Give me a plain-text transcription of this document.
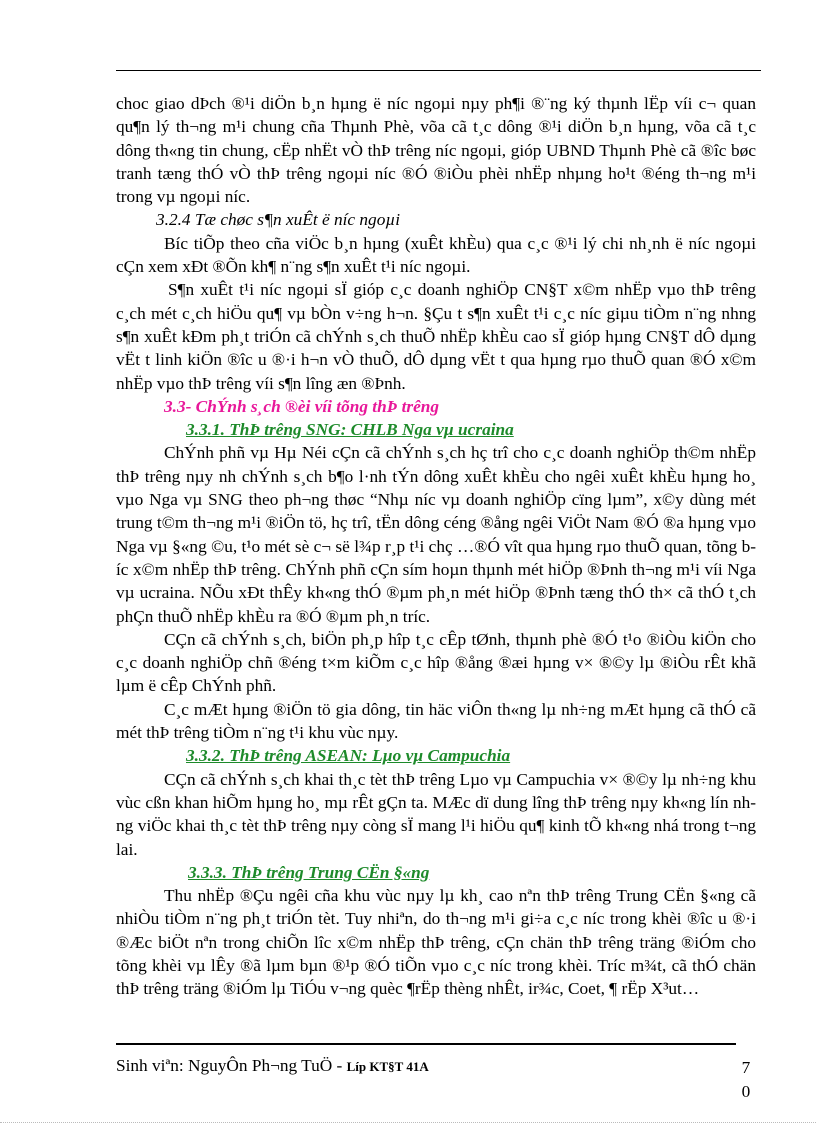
choc giao dÞch ®¹i diÖn b¸n hµng ë níc ngoµi nµy ph¶i ®¨ng ký thµnh lËp víi c¬ quan qu¶n lý th¬ng m¹i chung cña Thµnh Phè, võa cã t¸c dông ®¹i diÖn b¸n hµng, võa cã t¸c dông th«ng tin chung, cËp nhËt vÒ thÞ trêng níc ngoµi, gióp UBND Thµnh Phè cã ®îc bøc tranh tæng thÓ vÒ thÞ trêng ngoµi níc ®Ó ®iÒu phèi nhËp nhµng ho¹t ®éng th¬ng m¹i trong vµ ngoµi níc.

3.2.4 Tæ chøc s¶n xuÊt ë níc ngoµi

Bíc tiÕp theo cña viÖc b¸n hµng (xuÊt khÈu) qua c¸c ®¹i lý chi nh¸nh ë níc ngoµi cÇn xem xÐt ®Õn kh¶ n¨ng s¶n xuÊt t¹i níc ngoµi.

S¶n xuÊt t¹i níc ngoµi sÏ gióp c¸c doanh nghiÖp CN§T x©m nhËp vµo thÞ trêng c¸ch mét c¸ch hiÖu qu¶ vµ bÒn v÷ng h¬n. §Çu t s¶n xuÊt t¹i c¸c níc giµu tiÒm n¨ng nhng s¶n xuÊt kÐm ph¸t triÓn cã chÝnh s¸ch thuÕ nhËp khÈu cao sÏ gióp hµng CN§T dÔ dµng vËt t linh kiÖn ®îc u ®·i h¬n vÒ thuÕ, dÔ dµng vËt t qua hµng rµo thuÕ quan ®Ó x©m nhËp vµo thÞ trêng víi s¶n lîng æn ®Þnh.

3.3- ChÝnh s¸ch ®èi víi tõng thÞ trêng

3.3.1. ThÞ trêng SNG: CHLB Nga vµ ucraina

ChÝnh phñ vµ Hµ Néi cÇn cã chÝnh s¸ch hç trî cho c¸c doanh nghiÖp th©m nhËp thÞ trêng nµy nh chÝnh s¸ch b¶o l·nh tÝn dông xuÊt khÈu cho ngêi xuÊt khÈu hµng ho¸ vµo Nga vµ SNG theo ph¬ng thøc “Nhµ níc vµ doanh nghiÖp cïng lµm”, x©y dùng mét trung t©m th¬ng m¹i ®iÖn tö, hç trî, tËn dông céng ®ång ngêi ViÖt Nam ®Ó ®a hµng vµo Nga vµ §«ng ©u, t¹o mét sè c¬ së l¾p r¸p t¹i chç …®Ó vît qua hµng rµo thuÕ quan, tõng bíc x©m nhËp thÞ trêng. ChÝnh phñ cÇn sím hoµn thµnh mét hiÖp ®Þnh th¬ng m¹i víi Nga vµ ucraina. NÕu xÐt thÊy kh«ng thÓ ®µm ph¸n mét hiÖp ®Þnh tæng thÓ th× cã thÓ t¸ch phÇn thuÕ nhËp khÈu ra ®Ó ®µm ph¸n tríc.

CÇn cã chÝnh s¸ch, biÖn ph¸p hîp t¸c cÊp tØnh, thµnh phè ®Ó t¹o ®iÒu kiÖn cho c¸c doanh nghiÖp chñ ®éng t×m kiÕm c¸c hîp ®ång ®æi hµng v× ®©y lµ ®iÒu rÊt khã lµm ë cÊp ChÝnh phñ.

C¸c mÆt hµng ®iÖn tö gia dông, tin häc viÔn th«ng lµ nh÷ng mÆt hµng cã thÓ cã mét thÞ trêng tiÒm n¨ng t¹i khu vùc nµy.

3.3.2. ThÞ trêng ASEAN: Lµo vµ Campuchia

CÇn cã chÝnh s¸ch khai th¸c tèt thÞ trêng Lµo vµ Campuchia v× ®©y lµ nh÷ng khu vùc cßn khan hiÕm hµng ho¸ mµ rÊt gÇn ta. MÆc dï dung lîng thÞ trêng nµy kh«ng lín nhng viÖc khai th¸c tèt thÞ trêng nµy còng sÏ mang l¹i hiÖu qu¶ kinh tÕ kh«ng nhá trong t¬ng lai.

3.3.3. ThÞ trêng Trung CËn §«ng

Thu nhËp ®Çu ngêi cña khu vùc nµy lµ kh¸ cao nªn thÞ trêng Trung CËn §«ng cã nhiÒu tiÒm n¨ng ph¸t triÓn tèt. Tuy nhiªn, do th¬ng m¹i gi÷a c¸c níc trong khèi ®îc u ®·i ®Æc biÖt nªn trong chiÕn lîc x©m nhËp thÞ trêng, cÇn chän thÞ trêng träng ®iÓm cho tõng khèi vµ lÊy ®ã lµm bµn ®¹p ®Ó tiÕn vµo c¸c níc trong khèi. Tríc m¾t, cã thÓ chän thÞ trêng träng ®iÓm lµ TiÓu v¬ng quèc ¶rËp thèng nhÊt, ir¾c, Coet, ¶ rËp X³ut…

Sinh viªn: NguyÔn Ph¬ng TuÖ - Líp KT§T 41A	7
0
